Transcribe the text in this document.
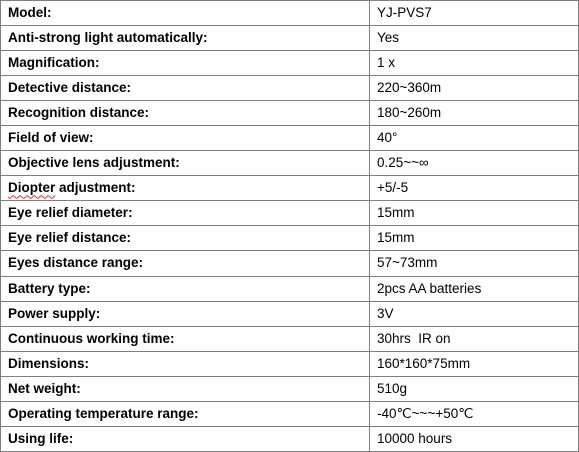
Model:	YJ-PVS7
Anti-strong light automatically:	Yes
Magnification:	1 x
Detective distance:	220~360m
Recognition distance:	180~260m
Field of view:	40°
Objective lens adjustment:	0.25~~∞
Diopter adjustment:	+5/-5
Eye relief diameter:	15mm
Eye relief distance:	15mm
Eyes distance range:	57~73mm
Battery type:	2pcs AA batteries
Power supply:	3V
Continuous working time:	30hrs  IR on
Dimensions:	160*160*75mm
Net weight:	510g
Operating temperature range:	-40℃~~~+50℃
Using life:	10000 hours
